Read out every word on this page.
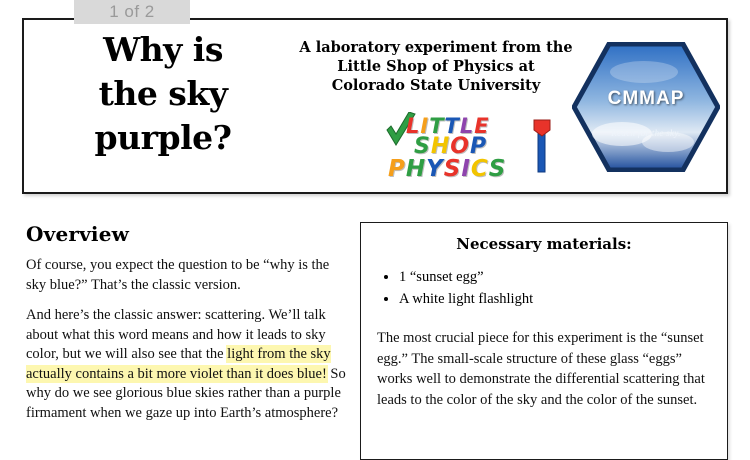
Why is
the sky
purple?
A laboratory experiment from the
Little Shop of Physics at
Colorado State University
LITTLE
SHOP
PHYSICS
CMMAP
Reach for the sky.
Overview

Of course, you expect the question to be “why is the sky blue?” That’s the classic version.

And here’s the classic answer: scattering. We’ll talk about what this word means and how it leads to sky color, but we will also see that the light from the sky actually contains a bit more violet than it does blue! So why do we see glorious blue skies rather than a purple firmament when we gaze up into Earth’s atmosphere?

Necessary materials:
• 1 “sunset egg”
• A white light flashlight

The most crucial piece for this experiment is the “sunset egg.” The small-scale structure of these glass “eggs” works well to demonstrate the differential scattering that leads to the color of the sky and the color of the sunset.

1 of 2
